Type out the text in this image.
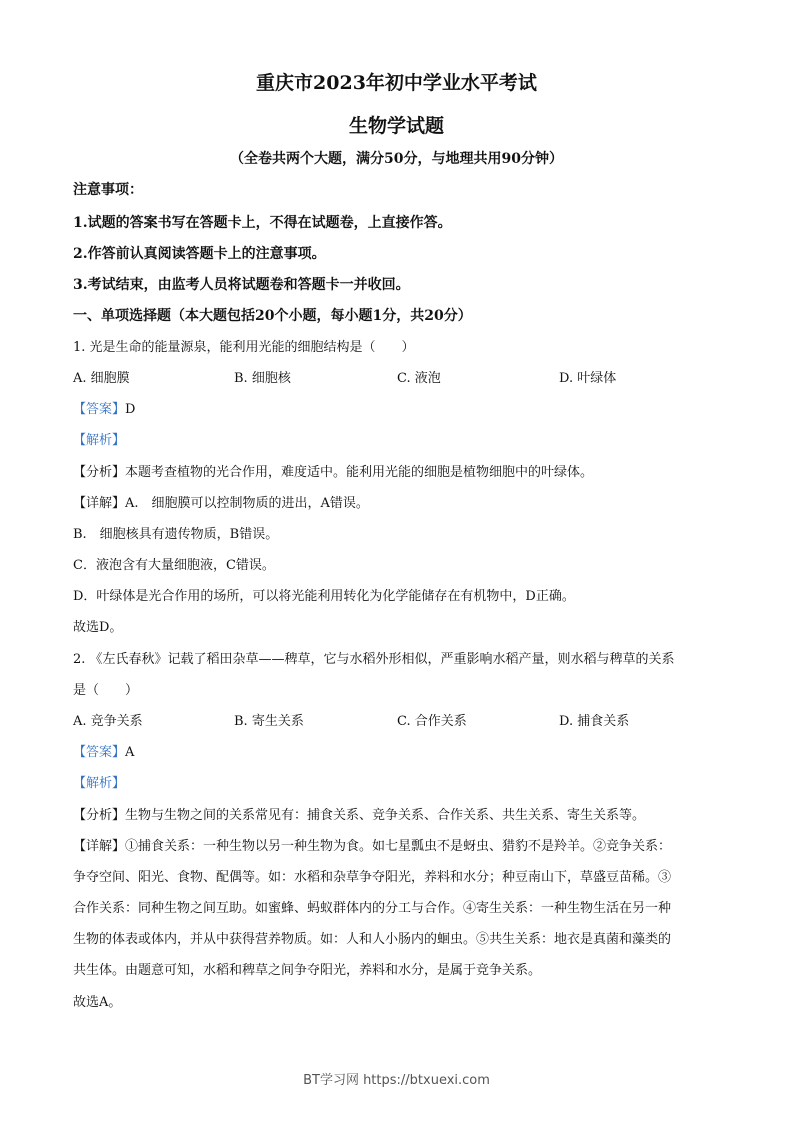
重庆市2023年初中学业水平考试
生物学试题
（全卷共两个大题，满分50分，与地理共用90分钟）
注意事项：
1.试题的答案书写在答题卡上，不得在试题卷，上直接作答。
2.作答前认真阅读答题卡上的注意事项。
3.考试结束，由监考人员将试题卷和答题卡一并收回。
一、单项选择题（本大题包括20个小题，每小题1分，共20分）
1. 光是生命的能量源泉，能利用光能的细胞结构是（　　）
A. 细胞膜	B. 细胞核	C. 液泡	D. 叶绿体
【答案】D
【解析】
【分析】本题考查植物的光合作用，难度适中。能利用光能的细胞是植物细胞中的叶绿体。
【详解】A.　细胞膜可以控制物质的进出，A错误。
B.　细胞核具有遗传物质，B错误。
C．液泡含有大量细胞液，C错误。
D．叶绿体是光合作用的场所，可以将光能利用转化为化学能储存在有机物中，D正确。
故选D。
2. 《左氏春秋》记载了稻田杂草——稗草，它与水稻外形相似，严重影响水稻产量，则水稻与稗草的关系
是（　　）
A. 竞争关系	B. 寄生关系	C. 合作关系	D. 捕食关系
【答案】A
【解析】
【分析】生物与生物之间的关系常见有：捕食关系、竞争关系、合作关系、共生关系、寄生关系等。
【详解】①捕食关系：一种生物以另一种生物为食。如七星瓢虫不是蚜虫、猎豹不是羚羊。②竞争关系：
争夺空间、阳光、食物、配偶等。如：水稻和杂草争夺阳光，养料和水分；种豆南山下，草盛豆苗稀。③
合作关系：同种生物之间互助。如蜜蜂、蚂蚁群体内的分工与合作。④寄生关系：一种生物生活在另一种
生物的体表或体内，并从中获得营养物质。如：人和人小肠内的蛔虫。⑤共生关系：地衣是真菌和藻类的
共生体。由题意可知，水稻和稗草之间争夺阳光，养料和水分，是属于竞争关系。
故选A。
BT学习网 https://btxuexi.com
